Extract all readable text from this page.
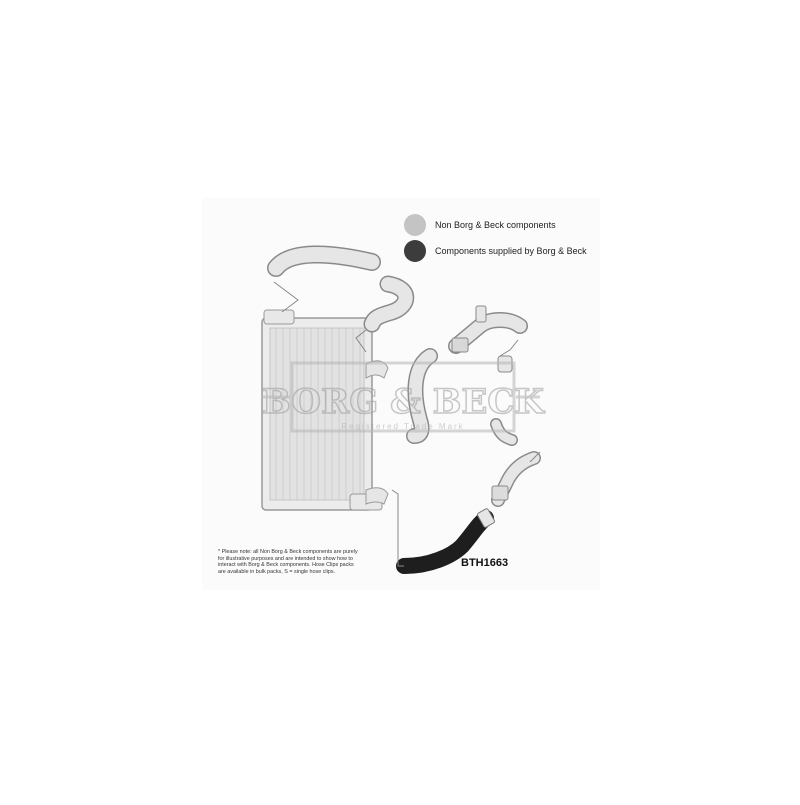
BORG & BECK
Registered Trade Mark
Non Borg & Beck components
Components supplied by Borg & Beck
* Please note: all Non Borg & Beck components are purely for illustrative purposes and are intended to show how to interact with Borg & Beck components. Hose Clips packs are available in bulk packs, S = single hose clips.
BTH1663
